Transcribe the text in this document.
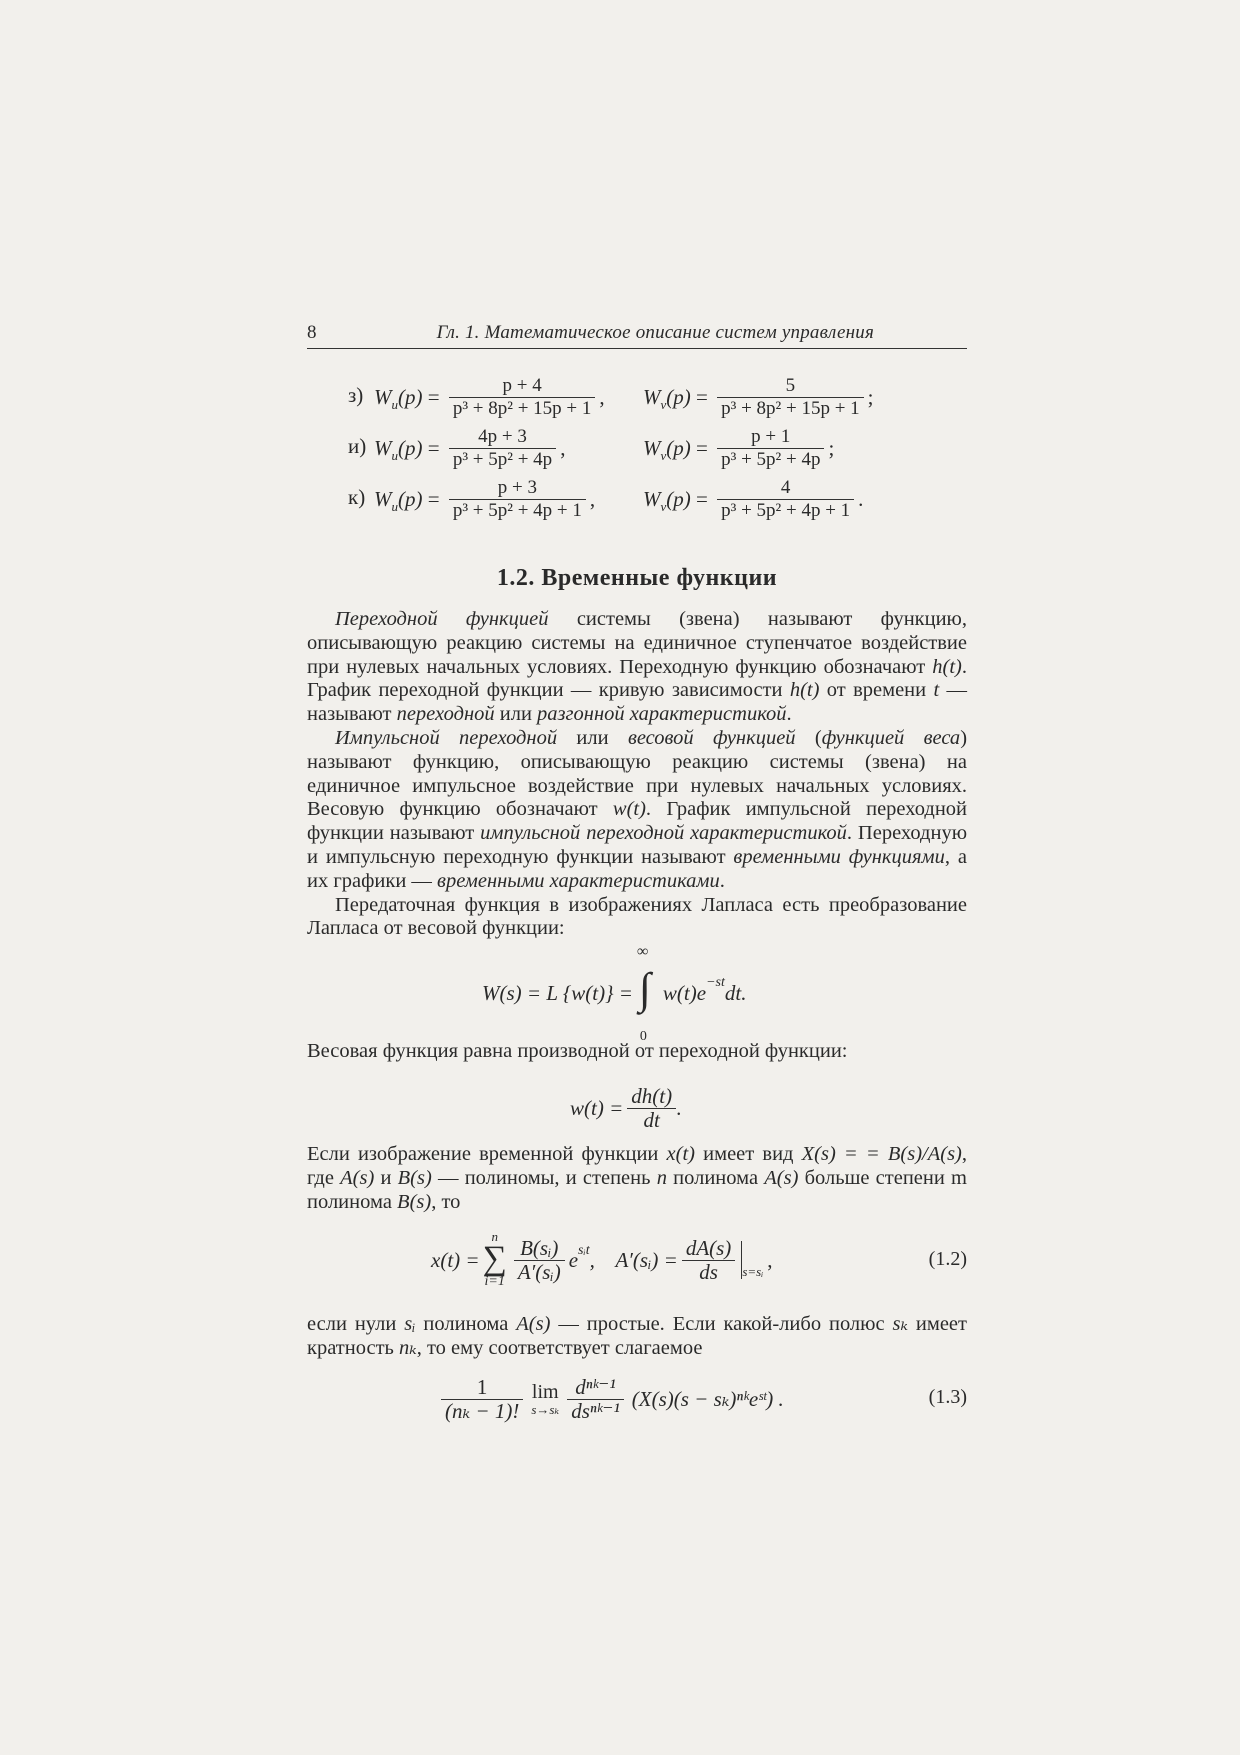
8	Гл. 1. Математическое описание систем управления
з) $W_u(p) = \frac{p + 4}{\text{p³ + 8p² + 15p + 1}}$ , $W_v(p) = \frac{5}{\text{p³ + 8p² + 15p + 1}}$ ;
и) $W_u(p) = \frac{4p + 3}{\text{p³ + 5p² + 4p}}$ ,	$W_v(p) = \frac{p + 1}{\text{p³ + 5p² + 4p}}$ ;
к) $W_u(p) = \frac{p + 3}{\text{p³ + 5p² + 4p + 1}}$ , $W_v(p) = \frac{4}{\text{p³ + 5p² + 4p + 1}}$ .
1.2. Временные функции

Переходной функцией системы (звена) называют функцию, описывающую реакцию системы на единичное ступенчатое воздействие при нулевых начальных условиях. Переходную функцию обозначают h(t). График переходной функции — кривую зависимости h(t) от времени t — называют переходной или разгонной характеристикой.

Импульсной переходной или весовой функцией (функцией веса) называют функцию, описывающую реакцию системы (звена) на единичное импульсное воздействие при нулевых начальных условиях. Весовую функцию обозначают w(t). График импульсной переходной функции называют импульсной переходной характеристикой. Переходную и импульсную переходную функции называют временными функциями, а их графики — временными характеристиками.

Передаточная функция в изображениях Лапласа есть преобразование Лапласа от весовой функции:

W(s) = L {w(t)} =
∞
∫
0
$w(t)e^{-st}$ dt.

Весовая функция равна производной от переходной функции:

$w(t) = \frac{dh(t)}{dt}$ .

Если изображение временной функции x(t) имеет вид X(s) = = B(s)/A(s), где A(s) и B(s) — полиномы, и степень n полинома A(s) больше степени m полинома B(s), то

x(t) =
n
∑
$i=1 \frac{\text{B(sᵢ)}}{\text{A′(sᵢ)}} e^{sᵢt}$ ,    A′(sᵢ) = $\frac{dA(s)}{ds}$ s=sᵢ ,	(1.2)

если нули sᵢ полинома A(s) — простые. Если какой-либо полюс sₖ имеет кратность nₖ, то ему соответствует слагаемое

$\frac{1}{\text{(nₖ − 1)!}}$ lim
$s\to s_k \frac{\text{dⁿᵏ⁻¹}}{\text{dsⁿᵏ⁻¹}} (X(s)(s$ − sₖ)ⁿᵏeˢᵗ) .	(1.3)
